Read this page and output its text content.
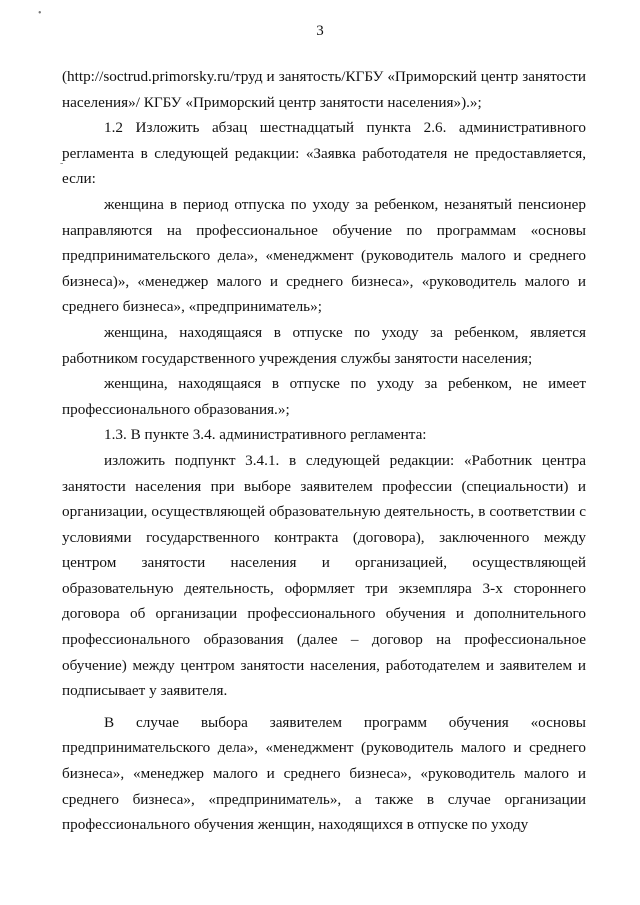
•
-
3

(http://soctrud.primorsky.ru/труд и занятость/КГБУ «Приморский центр занятости населения»/ КГБУ «Приморский центр занятости населения»).»;

1.2 Изложить абзац шестнадцатый пункта 2.6. административного регламента в следующей редакции: «Заявка работодателя не предоставляется, если:

женщина в период отпуска по уходу за ребенком, незанятый пенсионер направляются на профессиональное обучение по программам «основы предпринимательского дела», «менеджмент (руководитель малого и среднего бизнеса)», «менеджер малого и среднего бизнеса», «руководитель малого и среднего бизнеса», «предприниматель»;

женщина, находящаяся в отпуске по уходу за ребенком, является работником государственного учреждения службы занятости населения;

женщина, находящаяся в отпуске по уходу за ребенком, не имеет профессионального образования.»;

1.3. В пункте 3.4. административного регламента:

изложить подпункт 3.4.1. в следующей редакции: «Работник центра занятости населения при выборе заявителем профессии (специальности) и организации, осуществляющей образовательную деятельность, в соответствии с условиями государственного контракта (договора), заключенного между центром занятости населения и организацией, осуществляющей образовательную деятельность, оформляет три экземпляра 3-х стороннего договора об организации профессионального обучения и дополнительного профессионального образования (далее – договор на профессиональное обучение) между центром занятости населения, работодателем и заявителем и подписывает у заявителя.

В случае выбора заявителем программ обучения «основы предпринимательского дела», «менеджмент (руководитель малого и среднего бизнеса», «менеджер малого и среднего бизнеса», «руководитель малого и среднего бизнеса», «предприниматель», а также в случае организации профессионального обучения женщин, находящихся в отпуске по уходу
